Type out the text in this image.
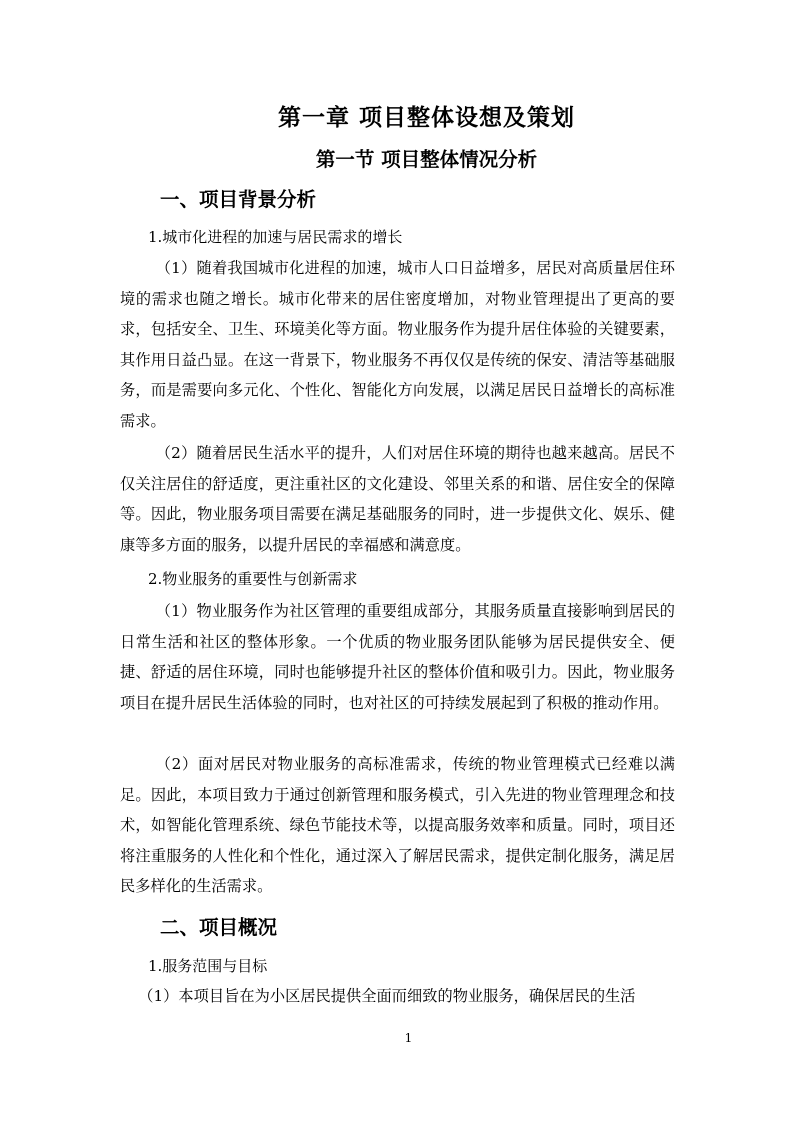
第一章 项目整体设想及策划
第一节 项目整体情况分析
一、项目背景分析
1.城市化进程的加速与居民需求的增长
（1）随着我国城市化进程的加速，城市人口日益增多，居民对高质量居住环境的需求也随之增长。城市化带来的居住密度增加，对物业管理提出了更高的要求，包括安全、卫生、环境美化等方面。物业服务作为提升居住体验的关键要素，其作用日益凸显。在这一背景下，物业服务不再仅仅是传统的保安、清洁等基础服务，而是需要向多元化、个性化、智能化方向发展，以满足居民日益增长的高标准需求。
（2）随着居民生活水平的提升，人们对居住环境的期待也越来越高。居民不仅关注居住的舒适度，更注重社区的文化建设、邻里关系的和谐、居住安全的保障等。因此，物业服务项目需要在满足基础服务的同时，进一步提供文化、娱乐、健康等多方面的服务，以提升居民的幸福感和满意度。
2.物业服务的重要性与创新需求
（1）物业服务作为社区管理的重要组成部分，其服务质量直接影响到居民的日常生活和社区的整体形象。一个优质的物业服务团队能够为居民提供安全、便捷、舒适的居住环境，同时也能够提升社区的整体价值和吸引力。因此，物业服务项目在提升居民生活体验的同时，也对社区的可持续发展起到了积极的推动作用。
（2）面对居民对物业服务的高标准需求，传统的物业管理模式已经难以满足。因此，本项目致力于通过创新管理和服务模式，引入先进的物业管理理念和技术，如智能化管理系统、绿色节能技术等，以提高服务效率和质量。同时，项目还将注重服务的人性化和个性化，通过深入了解居民需求，提供定制化服务，满足居民多样化的生活需求。
二、项目概况
1.服务范围与目标
（1）本项目旨在为小区居民提供全面而细致的物业服务，确保居民的生活
1
